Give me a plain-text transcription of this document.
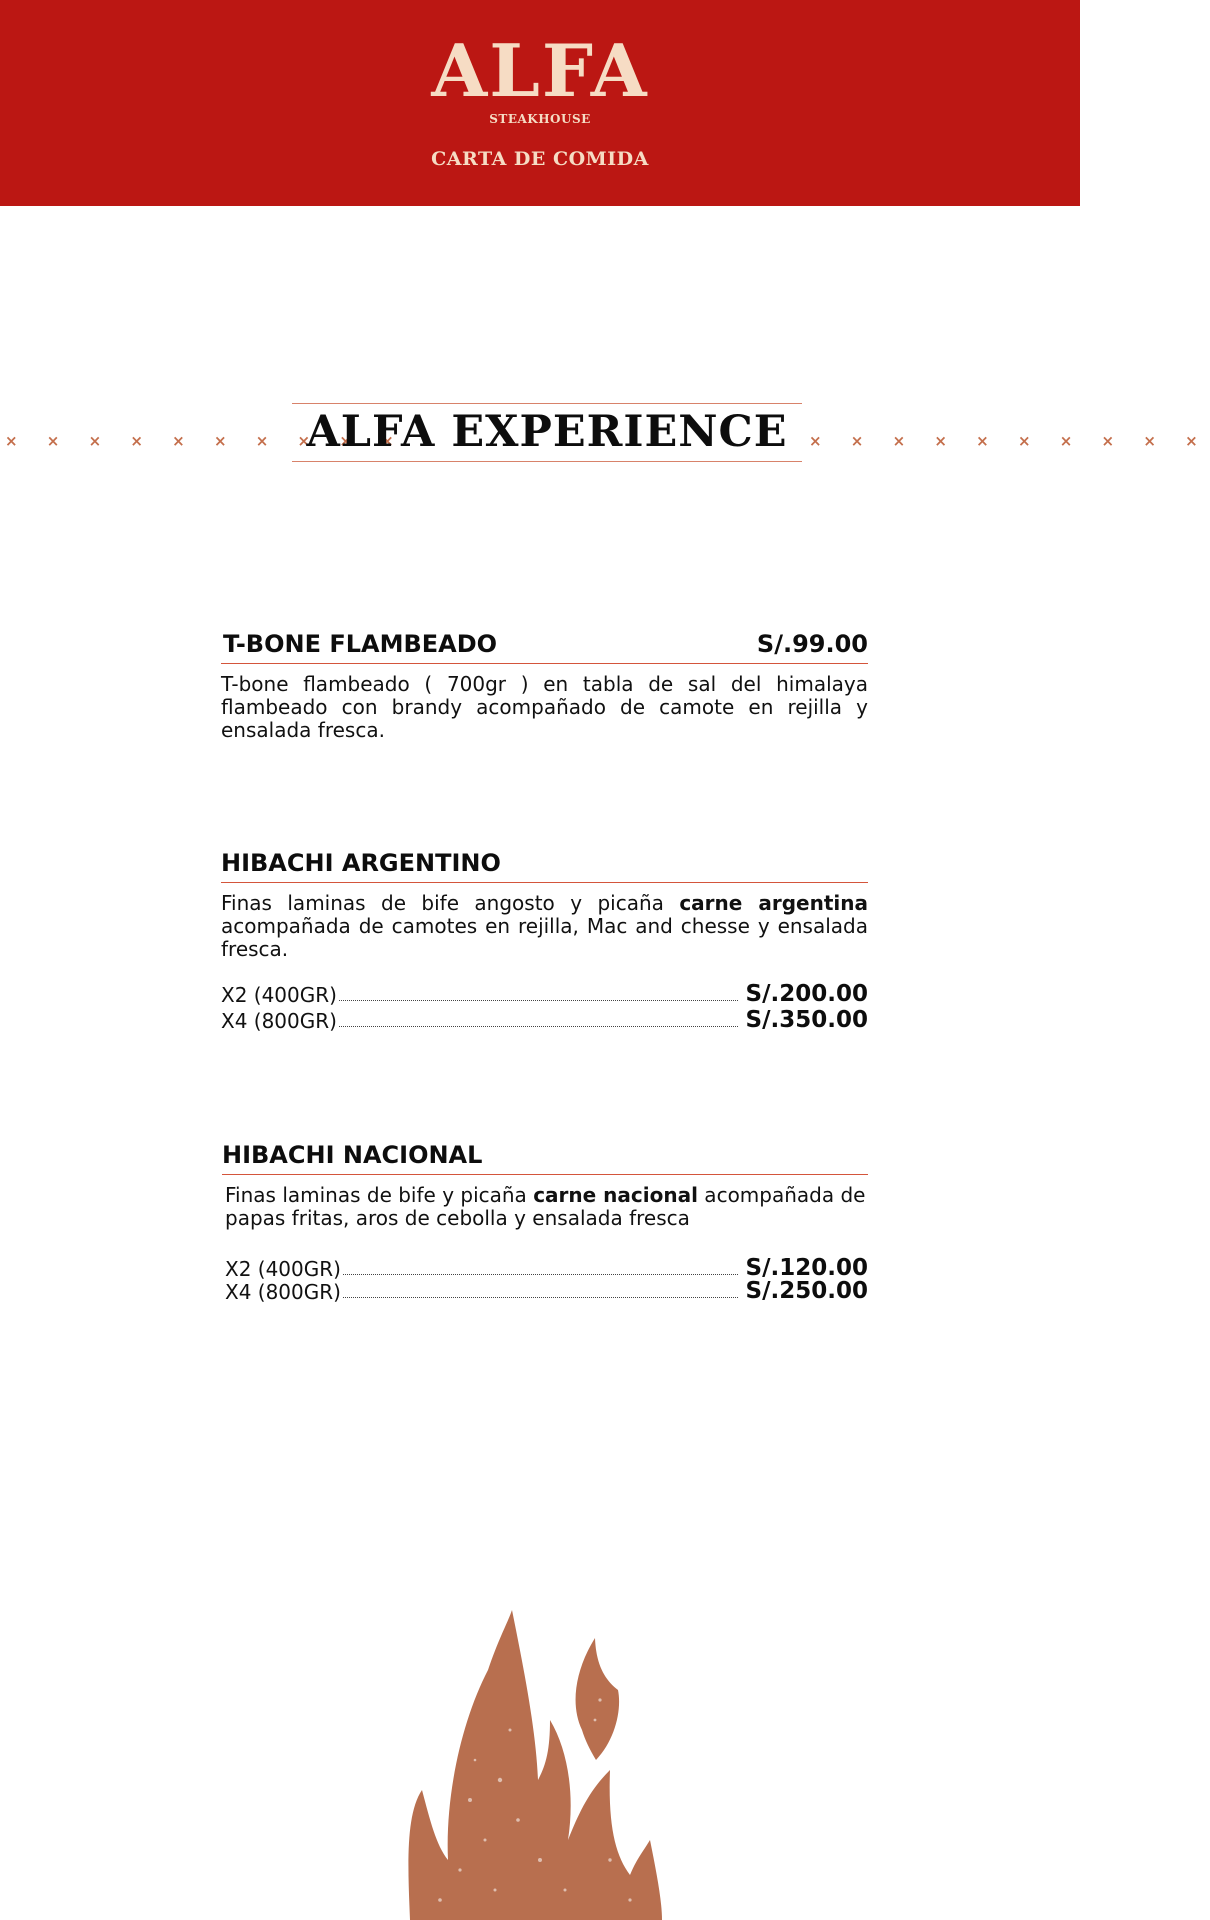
ALFA
STEAKHOUSE
CARTA DE COMIDA
× × × × × × × × × ×
ALFA EXPERIENCE	× × × × × × × × × ×
T-BONE FLAMBEADO	S/.99.00
T-bone flambeado ( 700gr ) en tabla de sal del himalaya flambeado con brandy acompañado de camote en rejilla y ensalada fresca.
HIBACHI ARGENTINO
Finas laminas de bife angosto y picaña carne argentina acompañada de camotes en rejilla, Mac and chesse y ensalada fresca.
X2 (400GR)	S/.200.00
X4 (800GR)	S/.350.00
HIBACHI NACIONAL
Finas laminas de bife y picaña carne nacional acompañada de papas fritas, aros de cebolla y ensalada fresca
X2 (400GR)	S/.120.00
X4 (800GR)	S/.250.00
